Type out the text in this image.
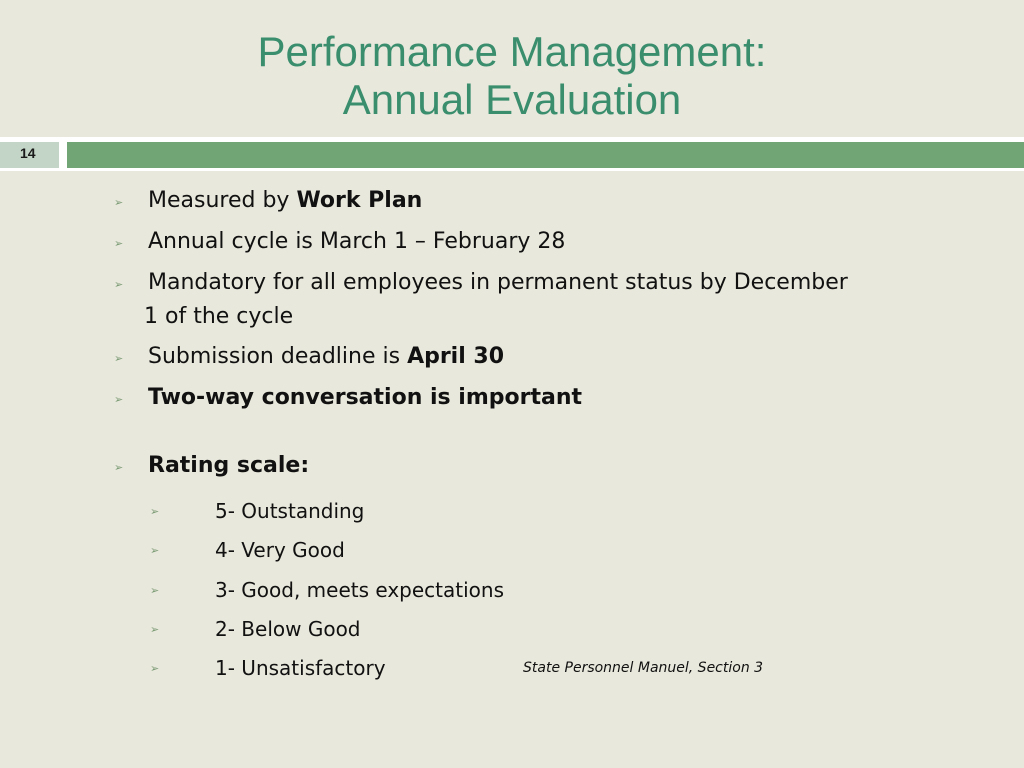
Performance Management:
Annual Evaluation
14
➢ Measured by Work Plan
➢ Annual cycle is March 1 – February 28
➢ Mandatory for all employees in permanent status by December
1 of the cycle
➢ Submission deadline is April 30
➢ Two-way conversation is important
➢ Rating scale:
➢	5- Outstanding
➢	4- Very Good
➢	3- Good, meets expectations
➢	2- Below Good
➢	1- Unsatisfactory	State Personnel Manuel, Section 3
